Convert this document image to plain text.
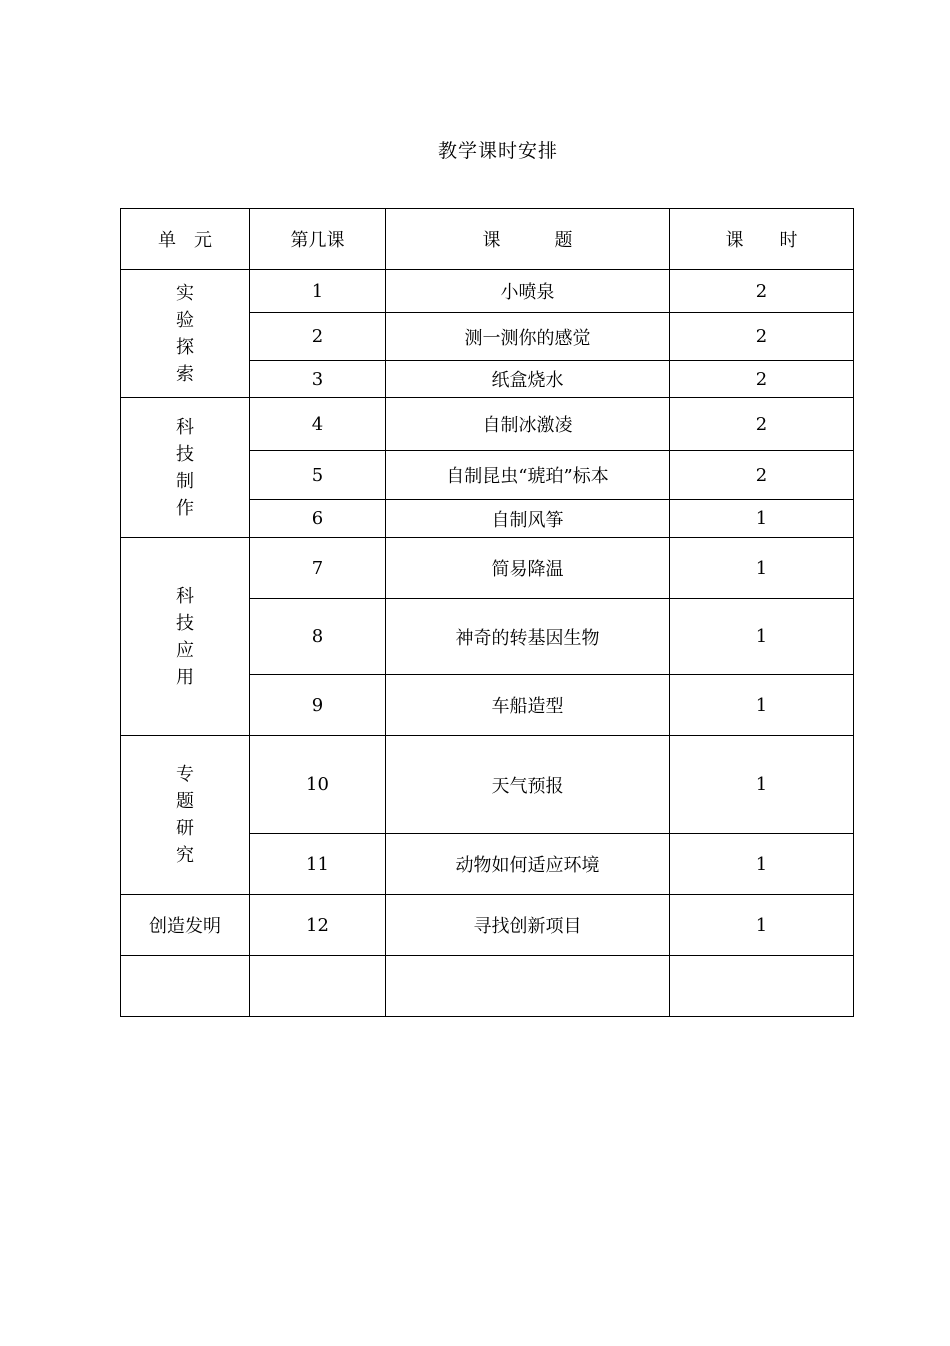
教学课时安排
单　元	第几课	课　　　题	课　　时
实验探索	1	小喷泉	2
	2	测一测你的感觉	2
	3	纸盒烧水	2
科技制作	4	自制冰激凌	2
	5	自制昆虫“琥珀”标本	2
	6	自制风筝	1
科技应用	7	简易降温	1
	8	神奇的转基因生物	1
	9	车船造型	1
专题研究	10	天气预报	1
	11	动物如何适应环境	1
创造发明	12	寻找创新项目	1
